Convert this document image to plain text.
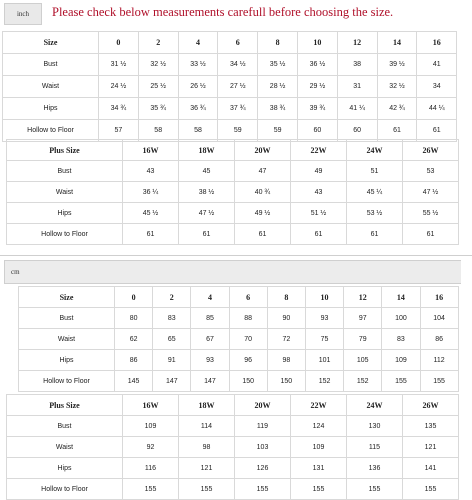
inch	Please check below measurements carefull before choosing the size.
Size	0	2	4	6	8	10	12	14	16
Bust	31 ½	32 ½	33 ½	34 ½	35 ½	36 ½	38	39 ½	41
Waist	24 ½	25 ½	26 ½	27 ½	28 ½	29 ½	31	32 ½	34
Hips	34 ¾	35 ¾	36 ¾	37 ¾	38 ¾	39 ¾	41 ¼	42 ¾	44 ¼
Hollow to Floor	57	58	58	59	59	60	60	61	61
Plus Size	16W	18W	20W	22W	24W	26W
Bust	43	45	47	49	51	53
Waist	36 ¼	38 ½	40 ¾	43	45 ¼	47 ½
Hips	45 ½	47 ½	49 ½	51 ½	53 ½	55 ½
Hollow to Floor	61	61	61	61	61	61
cm
Size	0	2	4	6	8	10	12	14	16
Bust	80	83	85	88	90	93	97	100	104
Waist	62	65	67	70	72	75	79	83	86
Hips	86	91	93	96	98	101	105	109	112
Hollow to Floor	145	147	147	150	150	152	152	155	155
Plus Size	16W	18W	20W	22W	24W	26W
Bust	109	114	119	124	130	135
Waist	92	98	103	109	115	121
Hips	116	121	126	131	136	141
Hollow to Floor	155	155	155	155	155	155
